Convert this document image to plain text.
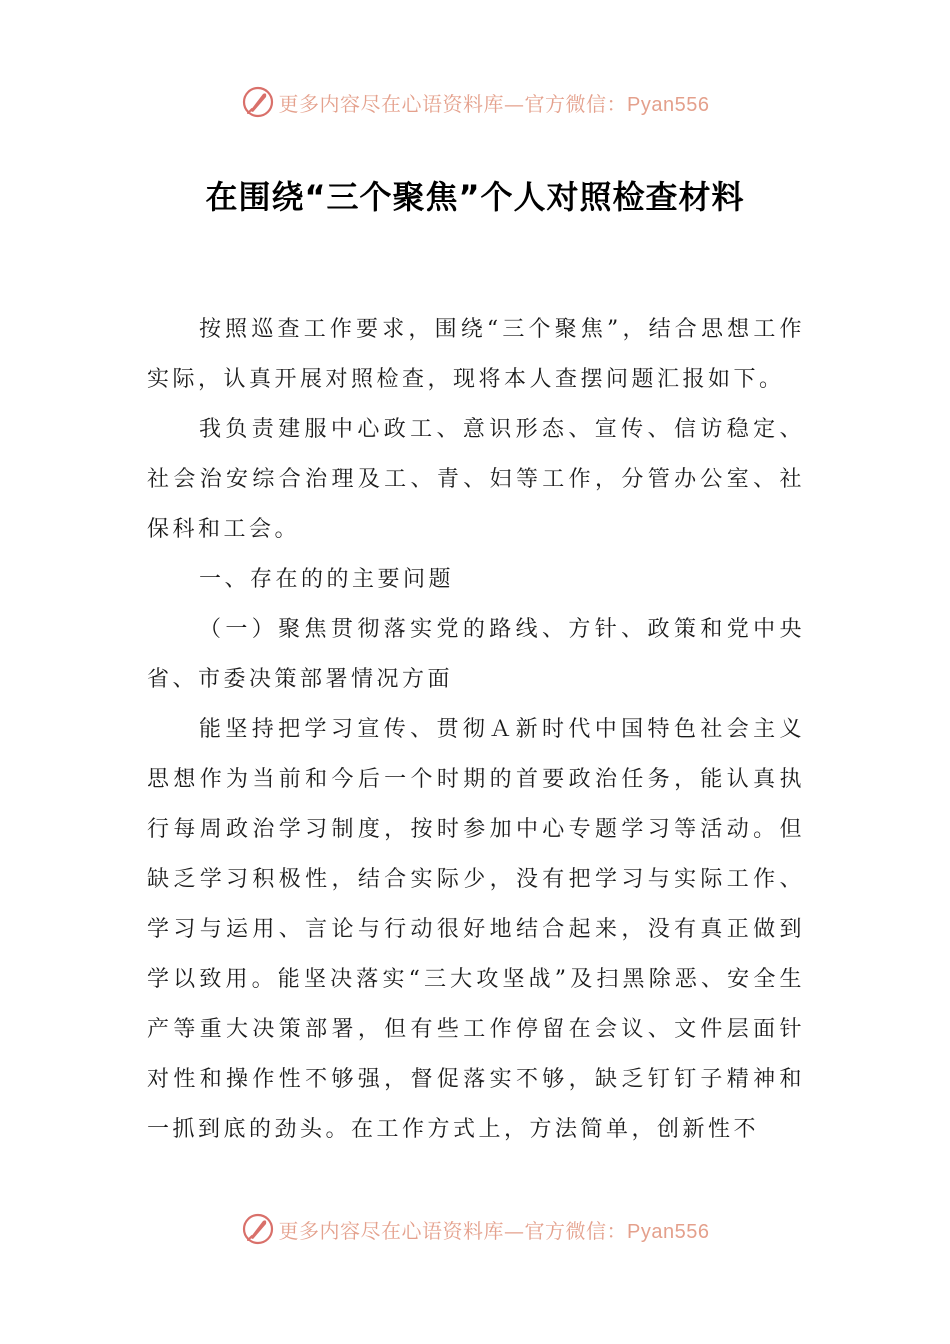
更多内容尽在心语资料库—官方微信：Pyan556
在围绕“三个聚焦”个人对照检查材料

按照巡查工作要求，围绕“三个聚焦”，结合思想工作实际，认真开展对照检查，现将本人查摆问题汇报如下。

我负责建服中心政工、意识形态、宣传、信访稳定、社会治安综合治理及工、青、妇等工作，分管办公室、社保科和工会。

一、存在的的主要问题

（一）聚焦贯彻落实党的路线、方针、政策和党中央省、市委决策部署情况方面

能坚持把学习宣传、贯彻Ａ新时代中国特色社会主义思想作为当前和今后一个时期的首要政治任务，能认真执行每周政治学习制度，按时参加中心专题学习等活动。但缺乏学习积极性，结合实际少，没有把学习与实际工作、学习与运用、言论与行动很好地结合起来，没有真正做到学以致用。能坚决落实“三大攻坚战”及扫黑除恶、安全生产等重大决策部署，但有些工作停留在会议、文件层面针对性和操作性不够强，督促落实不够，缺乏钉钉子精神和一抓到底的劲头。在工作方式上，方法简单，创新性不

更多内容尽在心语资料库—官方微信：Pyan556
